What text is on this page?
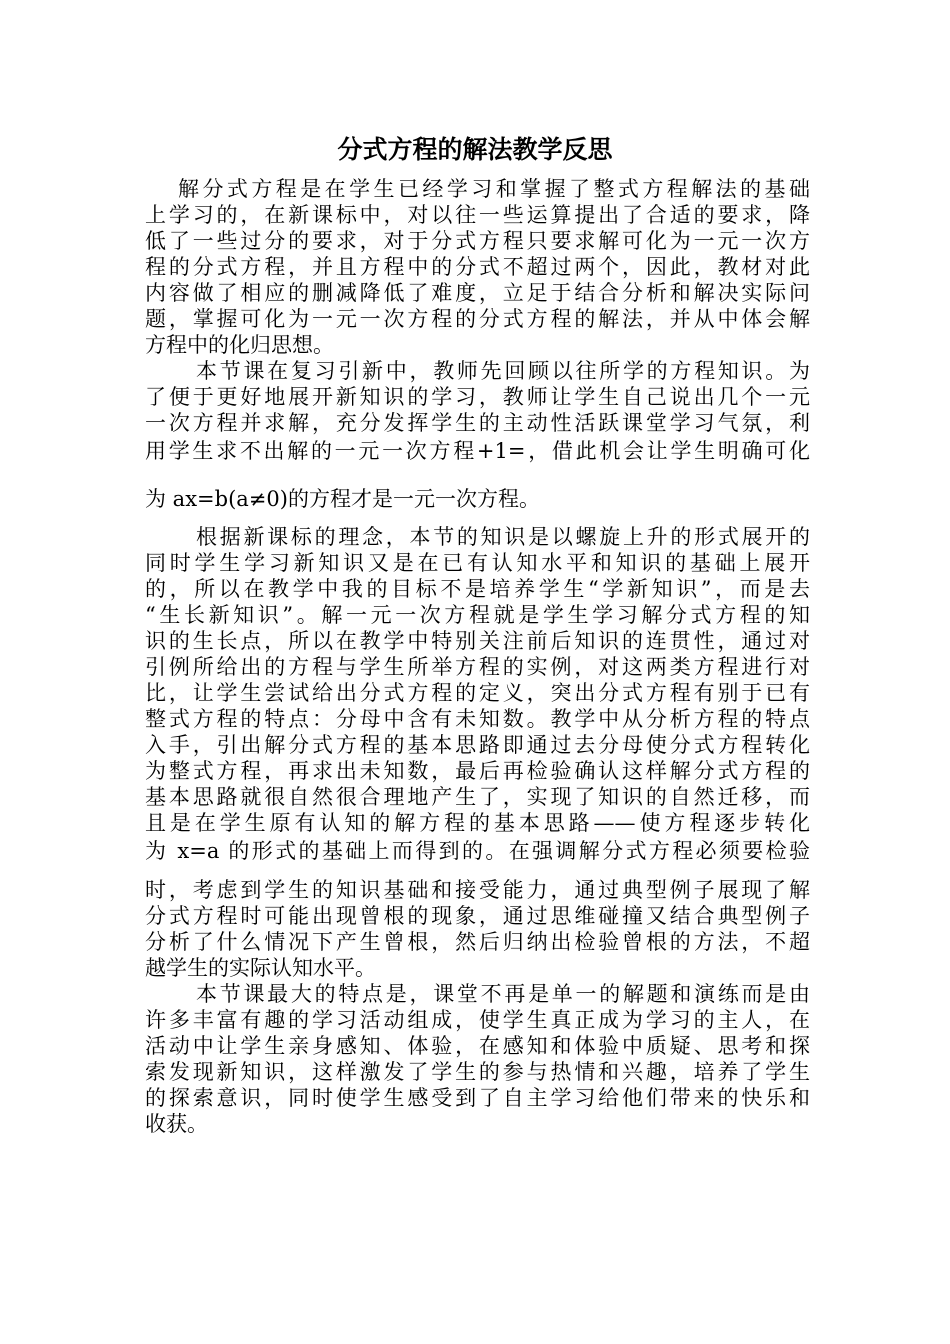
分式方程的解法教学反思
解分式方程是在学生已经学习和掌握了整式方程解法的基础
上学习的，在新课标中，对以往一些运算提出了合适的要求，降
低了一些过分的要求，对于分式方程只要求解可化为一元一次方
程的分式方程，并且方程中的分式不超过两个，因此，教材对此
内容做了相应的删减降低了难度，立足于结合分析和解决实际问
题，掌握可化为一元一次方程的分式方程的解法，并从中体会解
方程中的化归思想。
本节课在复习引新中，教师先回顾以往所学的方程知识。为
了便于更好地展开新知识的学习，教师让学生自己说出几个一元
一次方程并求解，充分发挥学生的主动性活跃课堂学习气氛，利
用学生求不出解的一元一次方程+1=，借此机会让学生明确可化
为 ax=b(a≠0)的方程才是一元一次方程。
根据新课标的理念，本节的知识是以螺旋上升的形式展开的
同时学生学习新知识又是在已有认知水平和知识的基础上展开
的，所以在教学中我的目标不是培养学生“学新知识”，而是去
“生长新知识”。解一元一次方程就是学生学习解分式方程的知
识的生长点，所以在教学中特别关注前后知识的连贯性，通过对
引例所给出的方程与学生所举方程的实例，对这两类方程进行对
比，让学生尝试给出分式方程的定义，突出分式方程有别于已有
整式方程的特点：分母中含有未知数。教学中从分析方程的特点
入手，引出解分式方程的基本思路即通过去分母使分式方程转化
为整式方程，再求出未知数，最后再检验确认这样解分式方程的
基本思路就很自然很合理地产生了，实现了知识的自然迁移，而
且是在学生原有认知的解方程的基本思路——使方程逐步转化
为 x=a 的形式的基础上而得到的。在强调解分式方程必须要检验
时，考虑到学生的知识基础和接受能力，通过典型例子展现了解
分式方程时可能出现曾根的现象，通过思维碰撞又结合典型例子
分析了什么情况下产生曾根，然后归纳出检验曾根的方法，不超
越学生的实际认知水平。
本节课最大的特点是，课堂不再是单一的解题和演练而是由
许多丰富有趣的学习活动组成，使学生真正成为学习的主人，在
活动中让学生亲身感知、体验，在感知和体验中质疑、思考和探
索发现新知识，这样激发了学生的参与热情和兴趣，培养了学生
的探索意识，同时使学生感受到了自主学习给他们带来的快乐和
收获。
